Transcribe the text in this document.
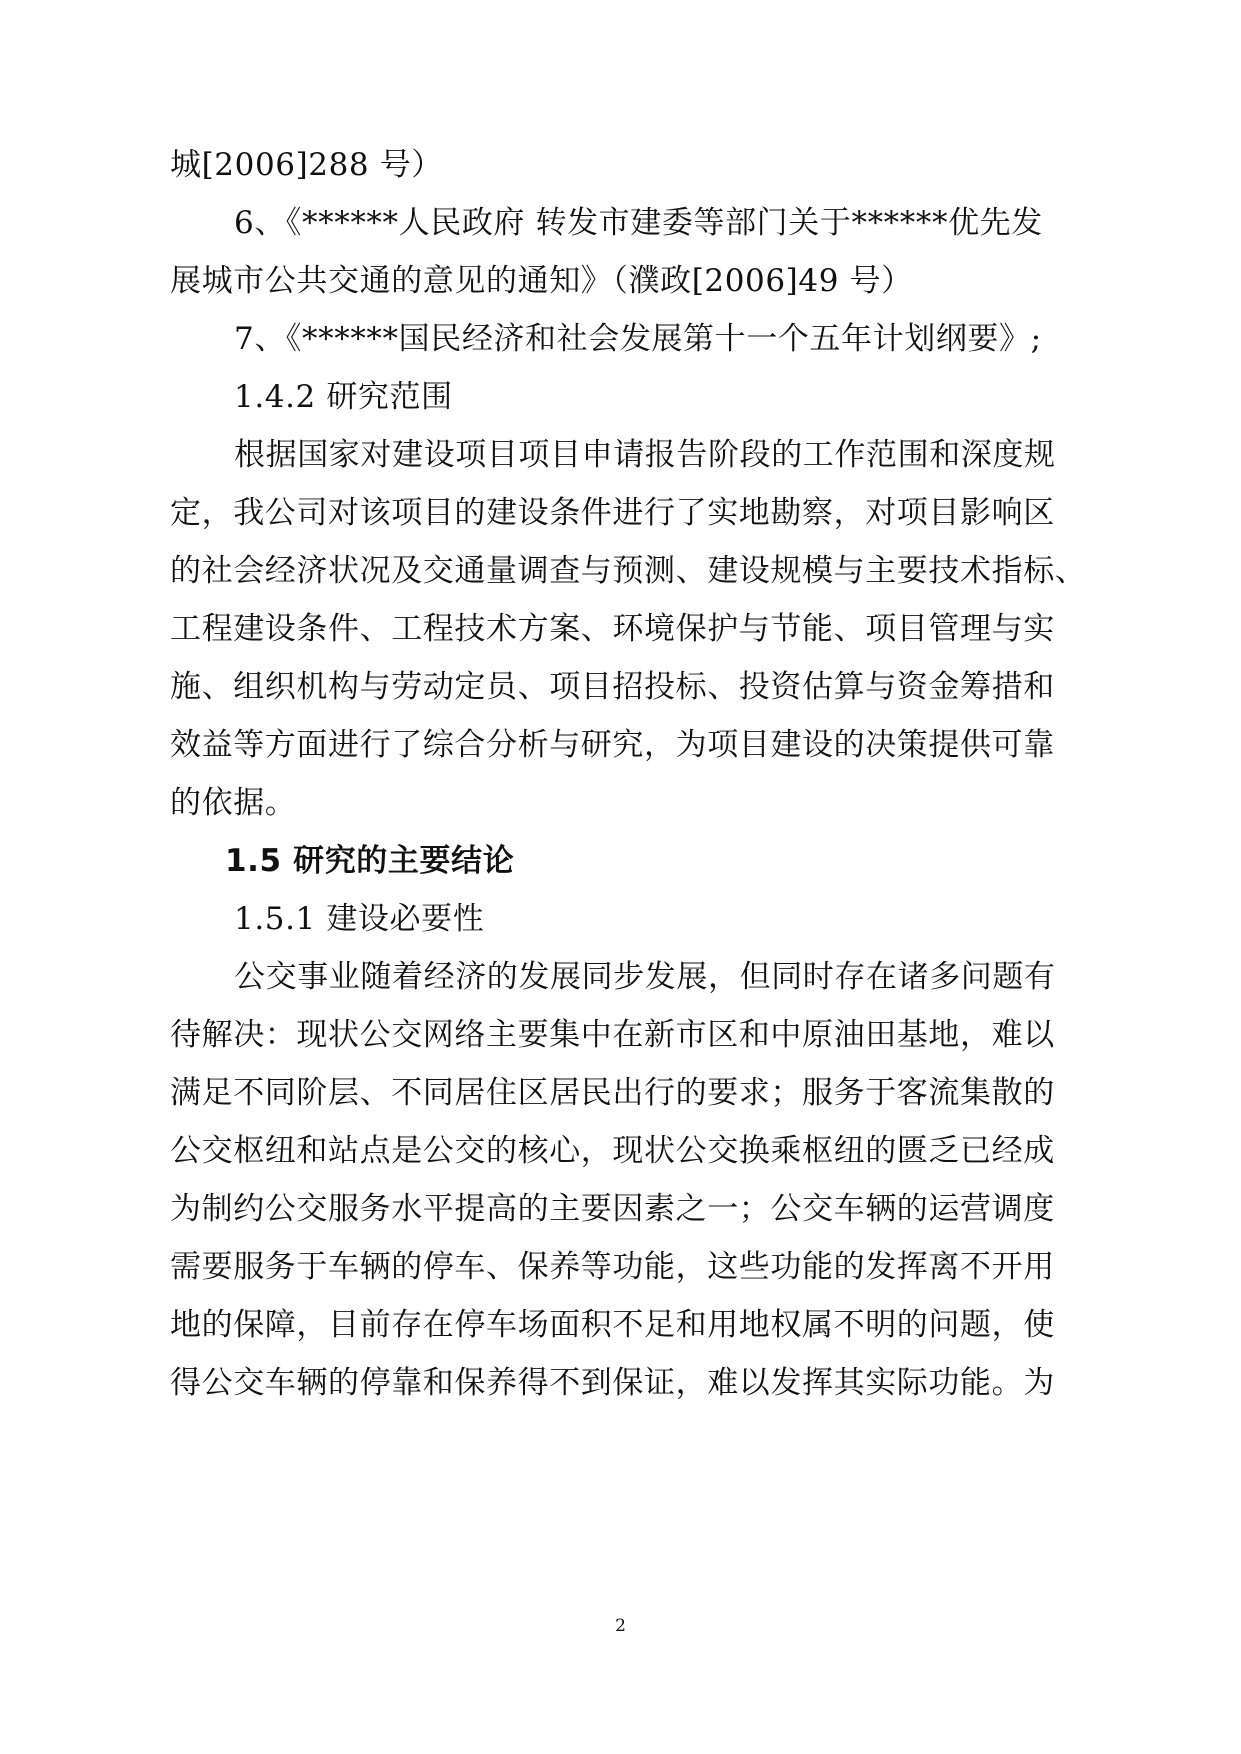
城[2006]288 号）
6、《******人民政府 转发市建委等部门关于******优先发
展城市公共交通的意见的通知》（濮政[2006]49 号）
7、《******国民经济和社会发展第十一个五年计划纲要》;
1.4.2 研究范围
根据国家对建设项目项目申请报告阶段的工作范围和深度规
定，我公司对该项目的建设条件进行了实地勘察，对项目影响区
的社会经济状况及交通量调查与预测、建设规模与主要技术指标、
工程建设条件、工程技术方案、环境保护与节能、项目管理与实
施、组织机构与劳动定员、项目招投标、投资估算与资金筹措和
效益等方面进行了综合分析与研究，为项目建设的决策提供可靠
的依据。
1.5 研究的主要结论
1.5.1 建设必要性
公交事业随着经济的发展同步发展，但同时存在诸多问题有
待解决：现状公交网络主要集中在新市区和中原油田基地，难以
满足不同阶层、不同居住区居民出行的要求；服务于客流集散的
公交枢纽和站点是公交的核心，现状公交换乘枢纽的匮乏已经成
为制约公交服务水平提高的主要因素之一；公交车辆的运营调度
需要服务于车辆的停车、保养等功能，这些功能的发挥离不开用
地的保障，目前存在停车场面积不足和用地权属不明的问题，使
得公交车辆的停靠和保养得不到保证，难以发挥其实际功能。为
2
